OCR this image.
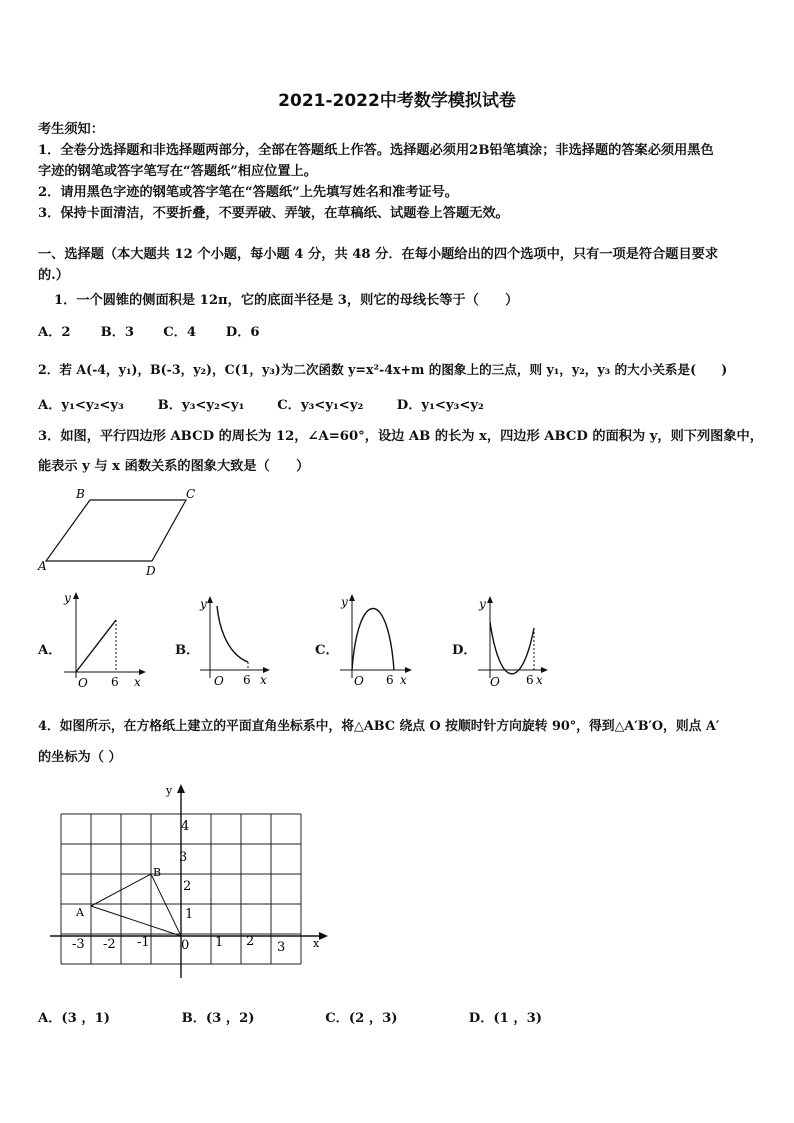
2021-2022中考数学模拟试卷
考生须知：
1．全卷分选择题和非选择题两部分，全部在答题纸上作答。选择题必须用2B铅笔填涂；非选择题的答案必须用黑色
字迹的钢笔或答字笔写在“答题纸”相应位置上。
2．请用黑色字迹的钢笔或答字笔在“答题纸”上先填写姓名和准考证号。
3．保持卡面清洁，不要折叠，不要弄破、弄皱，在草稿纸、试题卷上答题无效。
一、选择题（本大题共 12 个小题，每小题 4 分，共 48 分．在每小题给出的四个选项中，只有一项是符合题目要求
的.）
1．一个圆锥的侧面积是 12π，它的底面半径是 3，则它的母线长等于（　　）
A．2 B．3 C．4 D．6
2．若 A(-4，y₁)，B(-3，y₂)，C(1，y₃)为二次函数 y=x²-4x+m 的图象上的三点，则 y₁，y₂，y₃ 的大小关系是(　　)
A．y₁<y₂<y₃	B．y₃<y₂<y₁ C．y₃<y₁<y₂	D．y₁<y₃<y₂
3．如图，平行四边形 ABCD 的周长为 12，∠A=60°，设边 AB 的长为 x，四边形 ABCD 的面积为 y，则下列图象中，
能表示 y 与 x 函数关系的图象大致是（　　）
B	C
A	D
A．
y
x
O 6
B．
y
x
O 6
C．
y
x
O 6
D．
y
x
O 6
4．如图所示，在方格纸上建立的平面直角坐标系中，将△ABC 绕点 O 按顺时针方向旋转 90°，得到△A′B′O，则点 A′
的坐标为（ ）
y
x
4
3
2
1
-3 -2 -1 0 1 2 3
A
B
A．(3 ，1)	B．(3 ，2)	C．(2 ，3)	D．(1 ，3)
